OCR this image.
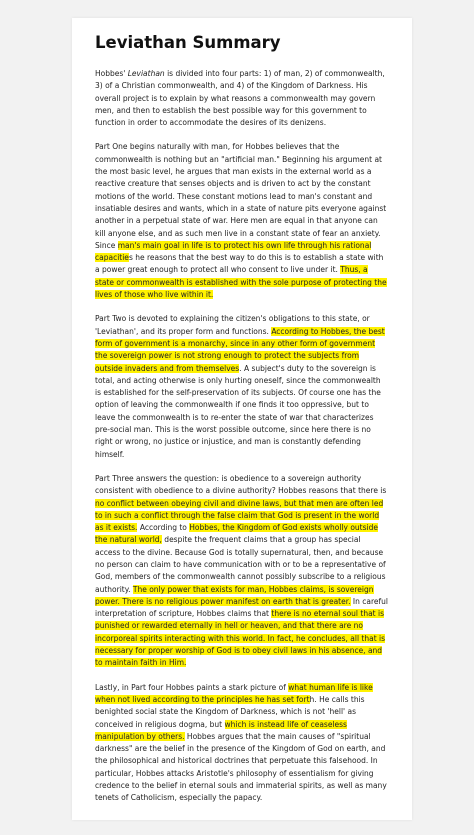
Leviathan Summary

Hobbes' Leviathan is divided into four parts: 1) of man, 2) of commonwealth, 3) of a Christian commonwealth, and 4) of the Kingdom of Darkness. His overall project is to explain by what reasons a commonwealth may govern men, and then to establish the best possible way for this government to function in order to accommodate the desires of its denizens.

Part One begins naturally with man, for Hobbes believes that the commonwealth is nothing but an "artificial man." Beginning his argument at the most basic level, he argues that man exists in the external world as a reactive creature that senses objects and is driven to act by the constant motions of the world. These constant motions lead to man's constant and insatiable desires and wants, which in a state of nature pits everyone against another in a perpetual state of war. Here men are equal in that anyone can kill anyone else, and as such men live in a constant state of fear an anxiety. Since man's main goal in life is to protect his own life through his rational capacities he reasons that the best way to do this is to establish a state with a power great enough to protect all who consent to live under it. Thus, a state or commonwealth is established with the sole purpose of protecting the lives of those who live within it.

Part Two is devoted to explaining the citizen's obligations to this state, or 'Leviathan', and its proper form and functions. According to Hobbes, the best form of government is a monarchy, since in any other form of government the sovereign power is not strong enough to protect the subjects from outside invaders and from themselves. A subject's duty to the sovereign is total, and acting otherwise is only hurting oneself, since the commonwealth is established for the self-preservation of its subjects. Of course one has the option of leaving the commonwealth if one finds it too oppressive, but to leave the commonwealth is to re-enter the state of war that characterizes pre-social man. This is the worst possible outcome, since here there is no right or wrong, no justice or injustice, and man is constantly defending himself.

Part Three answers the question: is obedience to a sovereign authority consistent with obedience to a divine authority? Hobbes reasons that there is no conflict between obeying civil and divine laws, but that men are often led to in such a conflict through the false claim that God is present in the world as it exists. According to Hobbes, the Kingdom of God exists wholly outside the natural world, despite the frequent claims that a group has special access to the divine. Because God is totally supernatural, then, and because no person can claim to have communication with or to be a representative of God, members of the commonwealth cannot possibly subscribe to a religious authority. The only power that exists for man, Hobbes claims, is sovereign power. There is no religious power manifest on earth that is greater. In careful interpretation of scripture, Hobbes claims that there is no eternal soul that is punished or rewarded eternally in hell or heaven, and that there are no incorporeal spirits interacting with this world. In fact, he concludes, all that is necessary for proper worship of God is to obey civil laws in his absence, and to maintain faith in Him.

Lastly, in Part four Hobbes paints a stark picture of what human life is like when not lived according to the principles he has set forth. He calls this benighted social state the Kingdom of Darkness, which is not 'hell' as conceived in religious dogma, but which is instead life of ceaseless manipulation by others. Hobbes argues that the main causes of "spiritual darkness" are the belief in the presence of the Kingdom of God on earth, and the philosophical and historical doctrines that perpetuate this falsehood. In particular, Hobbes attacks Aristotle's philosophy of essentialism for giving credence to the belief in eternal souls and immaterial spirits, as well as many tenets of Catholicism, especially the papacy.
